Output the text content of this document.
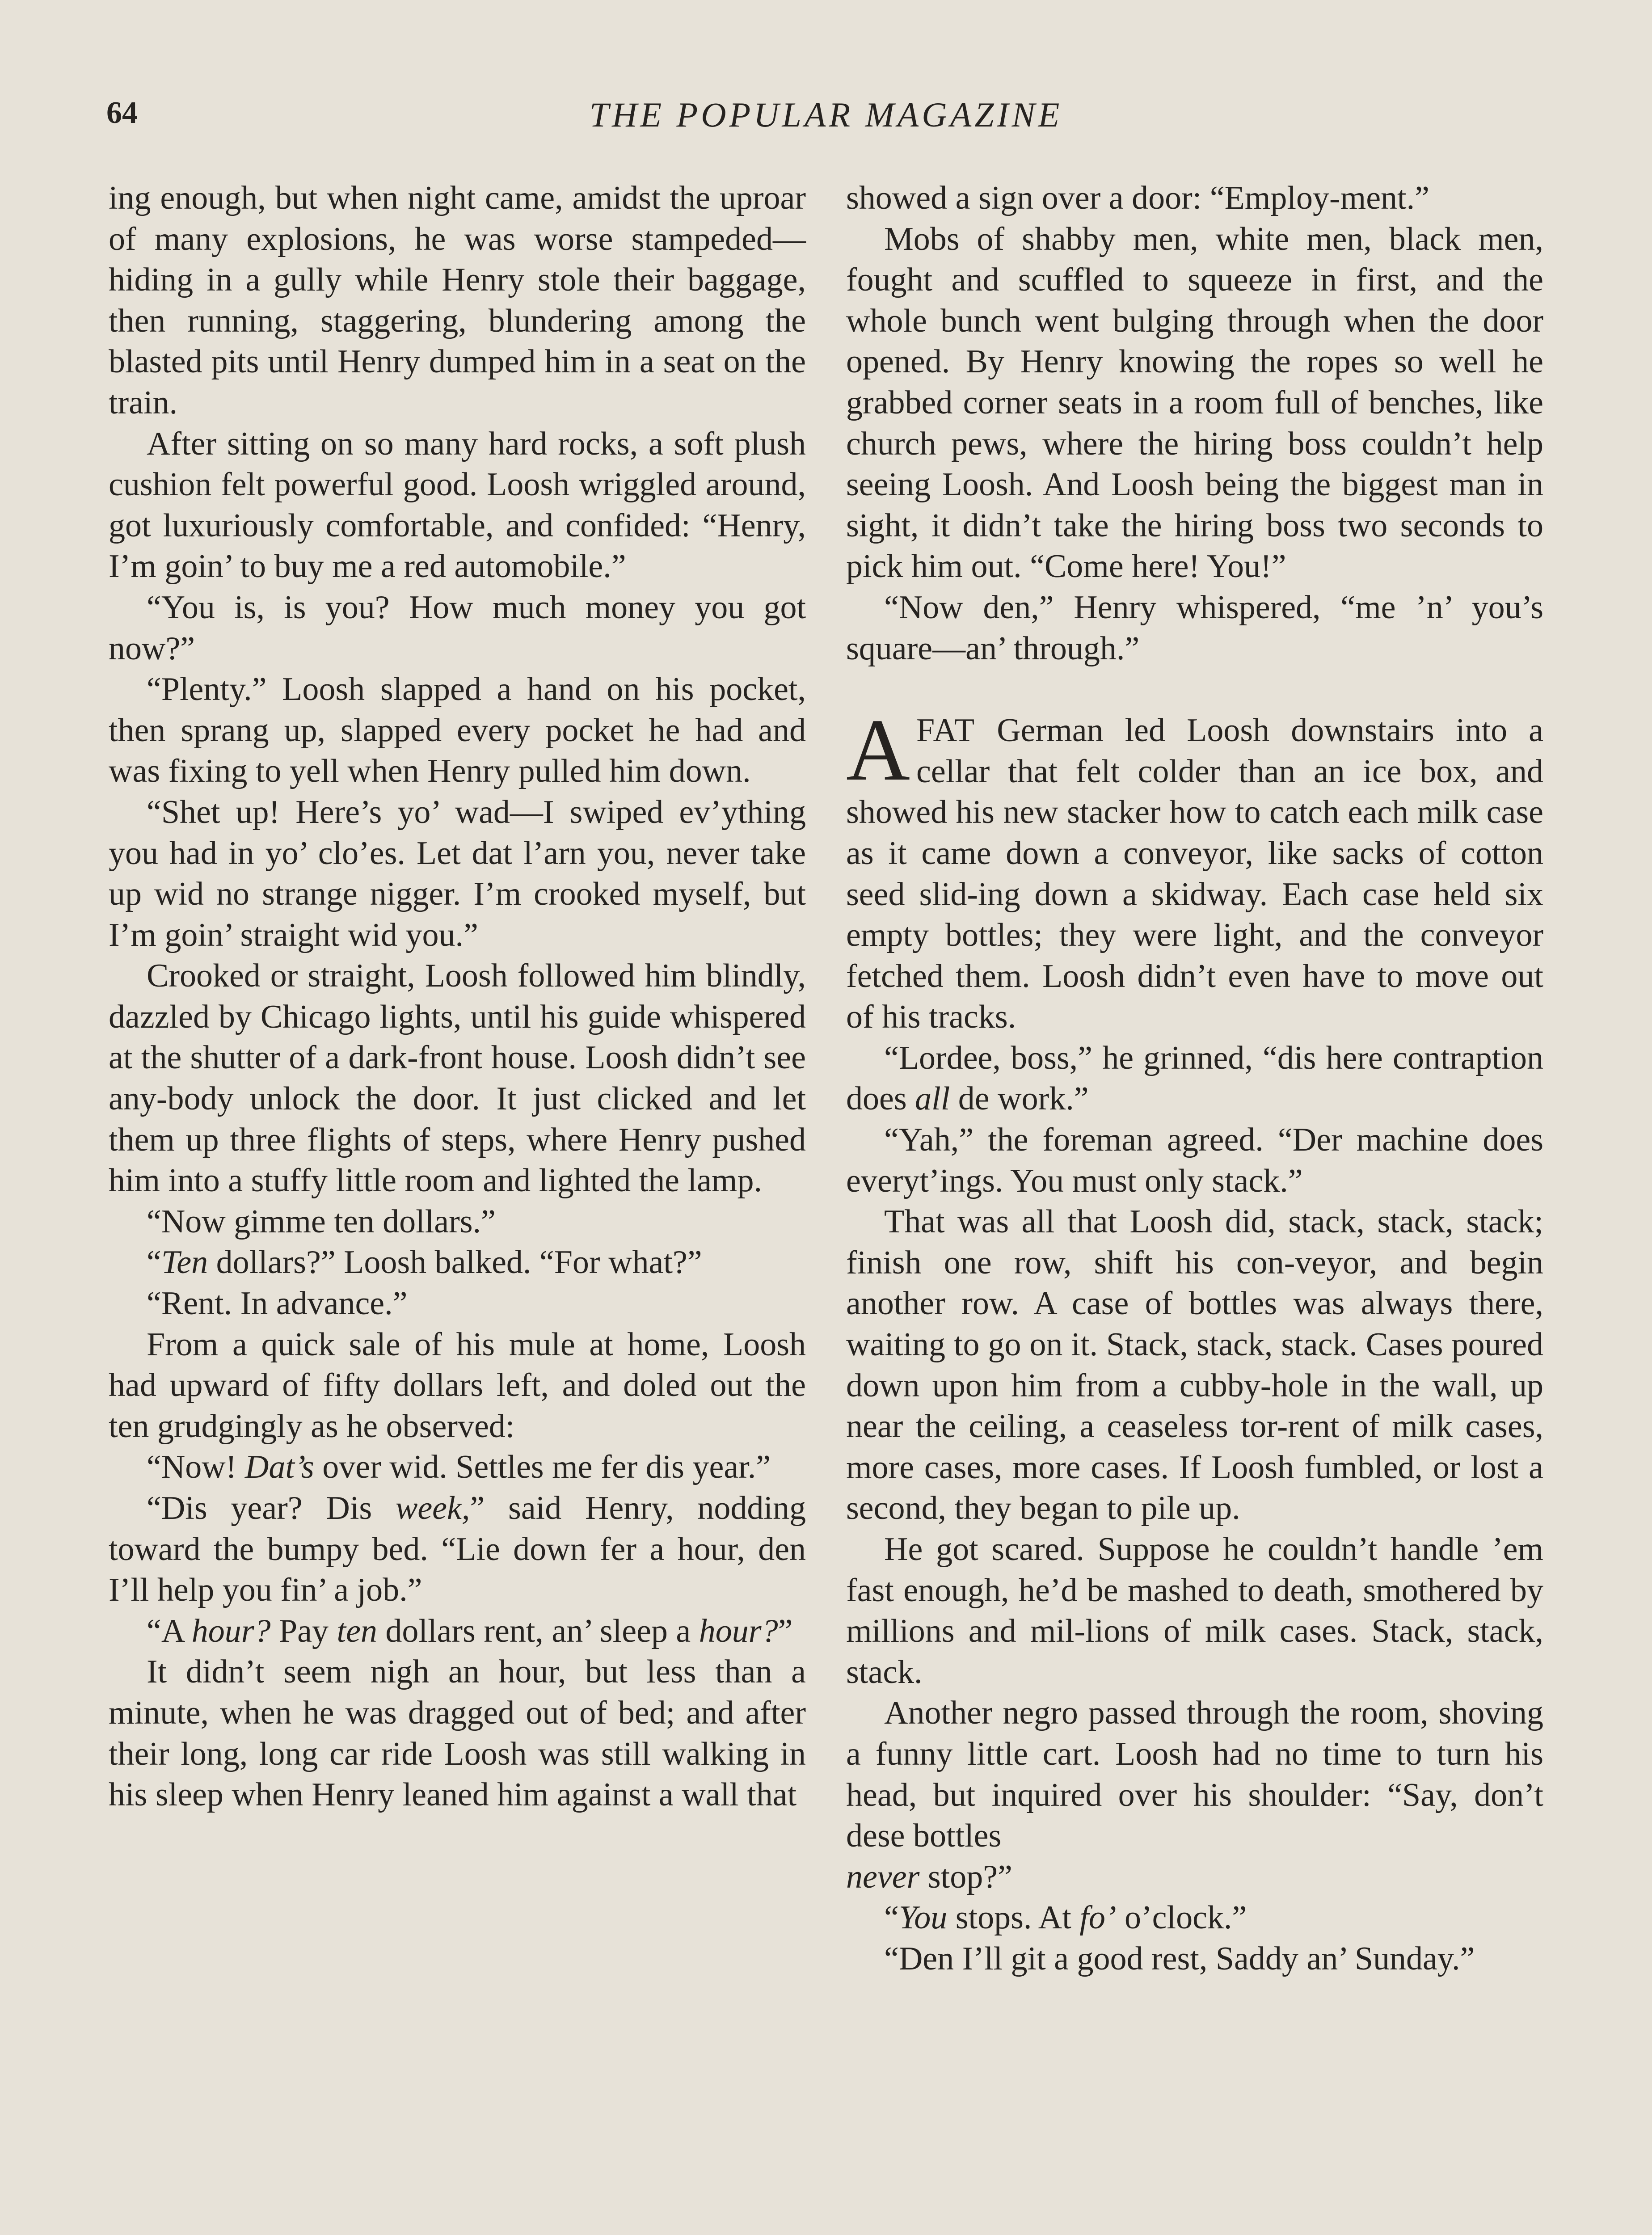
64	THE POPULAR MAGAZINE

ing enough, but when night came, amidst the uproar of many explosions, he was worse stampeded—hiding in a gully while Henry stole their baggage, then running, staggering, blundering among the blasted pits until Henry dumped him in a seat on the train.

After sitting on so many hard rocks, a soft plush cushion felt powerful good. Loosh wriggled around, got luxuriously comfortable, and confided: “Henry, I’m goin’ to buy me a red automobile.”

“You is, is you? How much money you got now?”

“Plenty.” Loosh slapped a hand on his pocket, then sprang up, slapped every pocket he had and was fixing to yell when Henry pulled him down.

“Shet up! Here’s yo’ wad—I swiped ev’ything you had in yo’ clo’es. Let dat l’arn you, never take up wid no strange nigger. I’m crooked myself, but I’m goin’ straight wid you.”

Crooked or straight, Loosh followed him blindly, dazzled by Chicago lights, until his guide whispered at the shutter of a dark-front house. Loosh didn’t see any-body unlock the door. It just clicked and let them up three flights of steps, where Henry pushed him into a stuffy little room and lighted the lamp.

“Now gimme ten dollars.”

“Ten dollars?” Loosh balked. “For what?”

“Rent. In advance.”

From a quick sale of his mule at home, Loosh had upward of fifty dollars left, and doled out the ten grudgingly as he observed:

“Now! Dat’s over wid. Settles me fer dis year.”

“Dis year? Dis week,” said Henry, nodding toward the bumpy bed. “Lie down fer a hour, den I’ll help you fin’ a job.”

“A hour? Pay ten dollars rent, an’ sleep a hour?”

It didn’t seem nigh an hour, but less than a minute, when he was dragged out of bed; and after their long, long car ride Loosh was still walking in his sleep when Henry leaned him against a wall that

showed a sign over a door: “Employ-ment.”

Mobs of shabby men, white men, black men, fought and scuffled to squeeze in first, and the whole bunch went bulging through when the door opened. By Henry knowing the ropes so well he grabbed corner seats in a room full of benches, like church pews, where the hiring boss couldn’t help seeing Loosh. And Loosh being the biggest man in sight, it didn’t take the hiring boss two seconds to pick him out. “Come here! You!”

“Now den,” Henry whispered, “me ’n’ you’s square—an’ through.”

AFAT German led Loosh downstairs into a cellar that felt colder than an ice box, and showed his new stacker how to catch each milk case as it came down a conveyor, like sacks of cotton seed slid-ing down a skidway. Each case held six empty bottles; they were light, and the conveyor fetched them. Loosh didn’t even have to move out of his tracks.

“Lordee, boss,” he grinned, “dis here contraption does all de work.”

“Yah,” the foreman agreed. “Der machine does everyt’ings. You must only stack.”

That was all that Loosh did, stack, stack, stack; finish one row, shift his con-veyor, and begin another row. A case of bottles was always there, waiting to go on it. Stack, stack, stack. Cases poured down upon him from a cubby-hole in the wall, up near the ceiling, a ceaseless tor-rent of milk cases, more cases, more cases. If Loosh fumbled, or lost a second, they began to pile up.

He got scared. Suppose he couldn’t handle ’em fast enough, he’d be mashed to death, smothered by millions and mil-lions of milk cases. Stack, stack, stack.

Another negro passed through the room, shoving a funny little cart. Loosh had no time to turn his head, but inquired over his shoulder: “Say, don’t dese bottles

never stop?”

“You stops. At fo’ o’clock.”

“Den I’ll git a good rest, Saddy an’ Sunday.”
